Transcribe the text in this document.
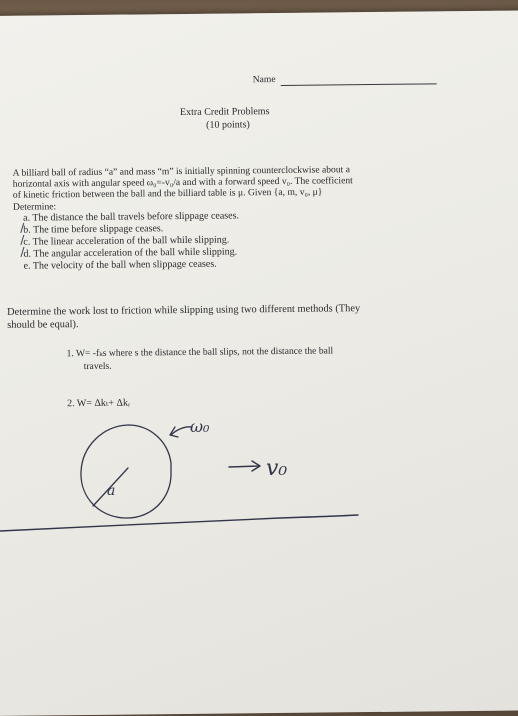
Name
Extra Credit Problems
(10 points)
A billiard ball of radius “a” and mass “m” is initially spinning counterclockwise about a
horizontal axis with angular speed ω₀=-v₀/a and with a forward speed v₀. The coefficient
of kinetic friction between the ball and the billiard table is μ. Given {a, m, v₀, μ}
Determine:
a. The distance the ball travels before slippage ceases.
b. The time before slippage ceases.
c. The linear acceleration of the ball while slipping.
d. The angular acceleration of the ball while slipping.
e. The velocity of the ball when slippage ceases.
/
/
/
Determine the work lost to friction while slipping using two different methods (They
should be equal).
1. W= -fₖs where s the distance the ball slips, not the distance the ball
travels.
2. W= Δkₜ+ Δkᵣ
ω₀
v₀
a
